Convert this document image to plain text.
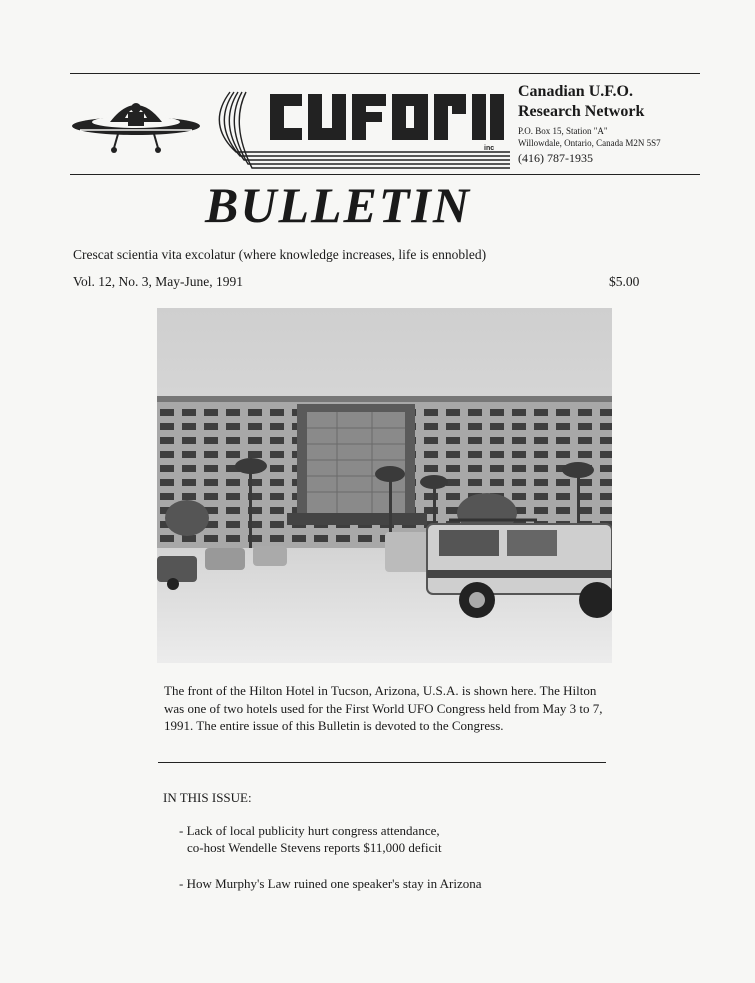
inc
Canadian U.F.O.
Research Network
P.O. Box 15, Station "A"
Willowdale, Ontario, Canada M2N 5S7
(416) 787-1935
BULLETIN
Crescat scientia vita excolatur (where knowledge increases, life is ennobled)
Vol. 12, No. 3, May-June, 1991	$5.00
The front of the Hilton Hotel in Tucson, Arizona, U.S.A. is shown here. The Hilton was one of two hotels used for the First World UFO Congress held from May 3 to 7, 1991. The entire issue of this Bulletin is devoted to the Congress.
IN THIS ISSUE:
- Lack of local publicity hurt congress attendance,
co-host Wendelle Stevens reports $11,000 deficit
- How Murphy's Law ruined one speaker's stay in Arizona
